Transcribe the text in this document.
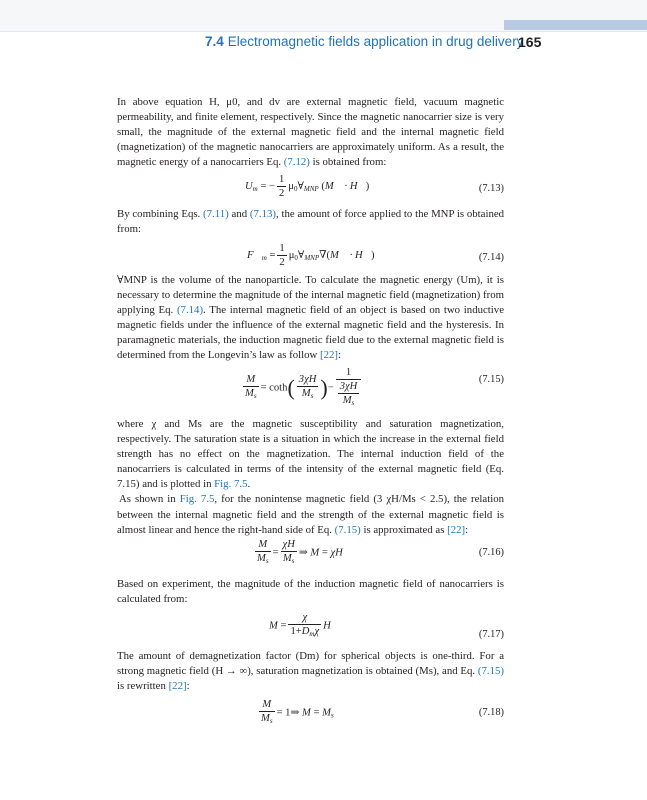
7.4 Electromagnetic fields application in drug delivery
165

In above equation H, μ0, and dv are external magnetic field, vacuum magnetic permeability, and finite element, respectively. Since the magnetic nanocarrier size is very small, the magnitude of the external magnetic field and the internal magnetic field (magnetization) of the magnetic nanocarriers are approximately uniform. As a result, the magnetic energy of a nanocarriers Eq. (7.12) is obtained from:

$U_m$ = − $\frac{1}{2}$ $\mu_0\forall_{MNP}$ (M⃗ · H⃗)	(7.13)

By combining Eqs. (7.11) and (7.13), the amount of force applied to the MNP is obtained from:

$F⃗_m = \frac{1}{2}$ $\mu_0\forall_{MNP}\nabla(M⃗$ · H⃗)	(7.14)

∀MNP is the volume of the nanoparticle. To calculate the magnetic energy (Um), it is necessary to determine the magnitude of the internal magnetic field (magnetization) from applying Eq. (7.14). The internal magnetic field of an object is based on two inductive magnetic fields under the influence of the external magnetic field and the hysteresis. In paramagnetic materials, the induction magnetic field due to the external magnetic field is determined from the Longevin’s law as follow [22]:

$\frac{M}{M_s} = \cot h( \frac{3\chi H}{M_s}$ )− $\frac{1}{\frac{3\chi H}{M_s}}$	(7.15)

where χ and Ms are the magnetic susceptibility and saturation magnetization, respectively. The saturation state is a situation in which the increase in the external field strength has no effect on the magnetization. The internal induction field of the nanocarriers is calculated in terms of the intensity of the external magnetic field (Eq. 7.15) and is plotted in Fig. 7.5.

As shown in Fig. 7.5, for the nonintense magnetic field (3 χH/Ms < 2.5), the relation between the internal magnetic field and the strength of the external magnetic field is almost linear and hence the right-hand side of Eq. (7.15) is approximated as [22]:

$\frac{M}{M_s} = \frac{\chi H}{M_s}$ ⇒ M = χH	(7.16)

Based on experiment, the magnitude of the induction magnetic field of nanocarriers is calculated from:

$M = \frac{\chi}{1+D_m\chi}$ H
(7.17)

The amount of demagnetization factor (Dm) for spherical objects is one-third. For a strong magnetic field (H → ∞), saturation magnetization is obtained (Ms), and Eq. (7.15) is rewritten [22]:

$\frac{M}{M_s}$ = 1⇒ $M = M_s$	(7.18)
